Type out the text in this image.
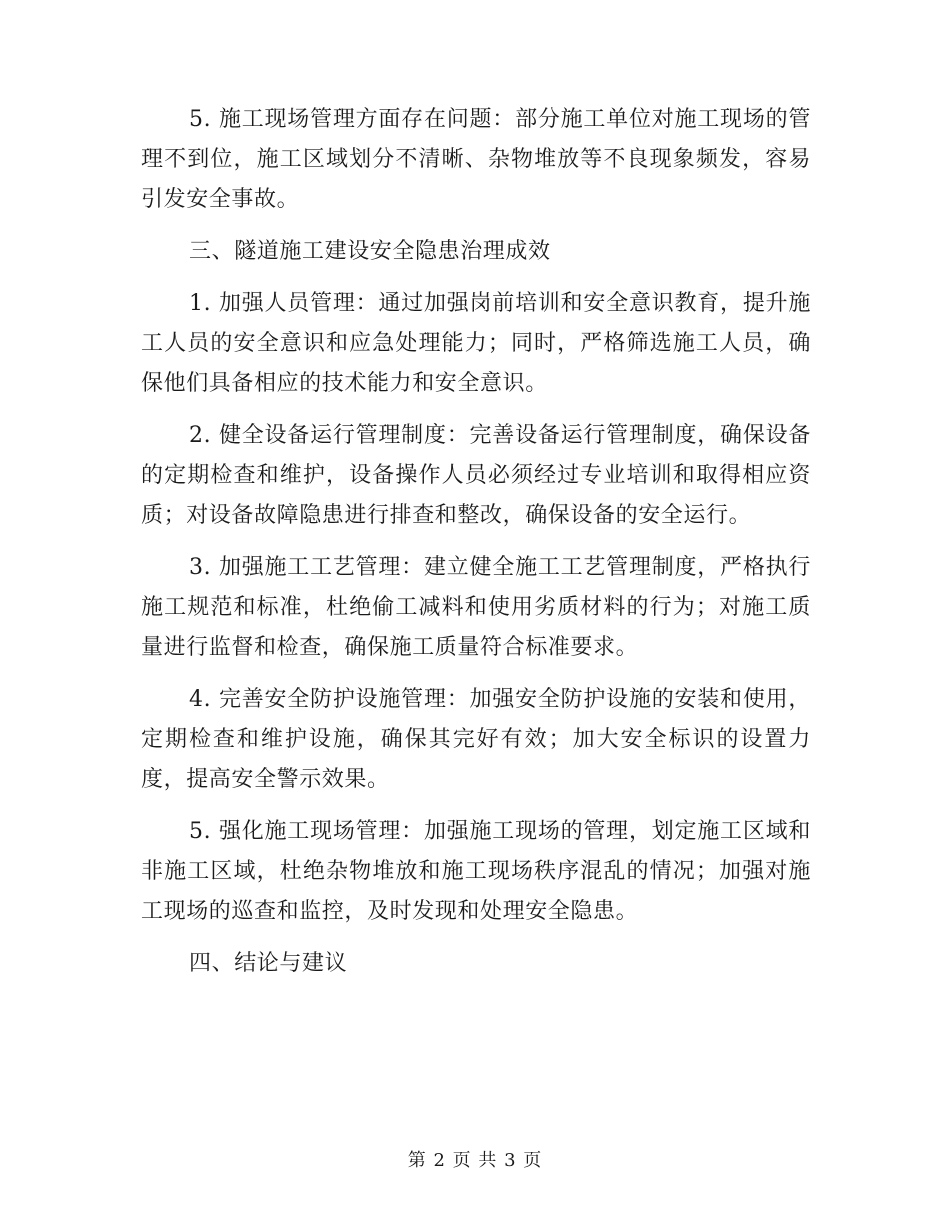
5. 施工现场管理方面存在问题：部分施工单位对施工现场的管理不到位，施工区域划分不清晰、杂物堆放等不良现象频发，容易引发安全事故。

三、隧道施工建设安全隐患治理成效

1. 加强人员管理：通过加强岗前培训和安全意识教育，提升施工人员的安全意识和应急处理能力；同时，严格筛选施工人员，确保他们具备相应的技术能力和安全意识。

2. 健全设备运行管理制度：完善设备运行管理制度，确保设备的定期检查和维护，设备操作人员必须经过专业培训和取得相应资质；对设备故障隐患进行排查和整改，确保设备的安全运行。

3. 加强施工工艺管理：建立健全施工工艺管理制度，严格执行施工规范和标准，杜绝偷工减料和使用劣质材料的行为；对施工质量进行监督和检查，确保施工质量符合标准要求。

4. 完善安全防护设施管理：加强安全防护设施的安装和使用，定期检查和维护设施，确保其完好有效；加大安全标识的设置力度，提高安全警示效果。

5. 强化施工现场管理：加强施工现场的管理，划定施工区域和非施工区域，杜绝杂物堆放和施工现场秩序混乱的情况；加强对施工现场的巡查和监控，及时发现和处理安全隐患。

四、结论与建议

第 2 页 共 3 页
